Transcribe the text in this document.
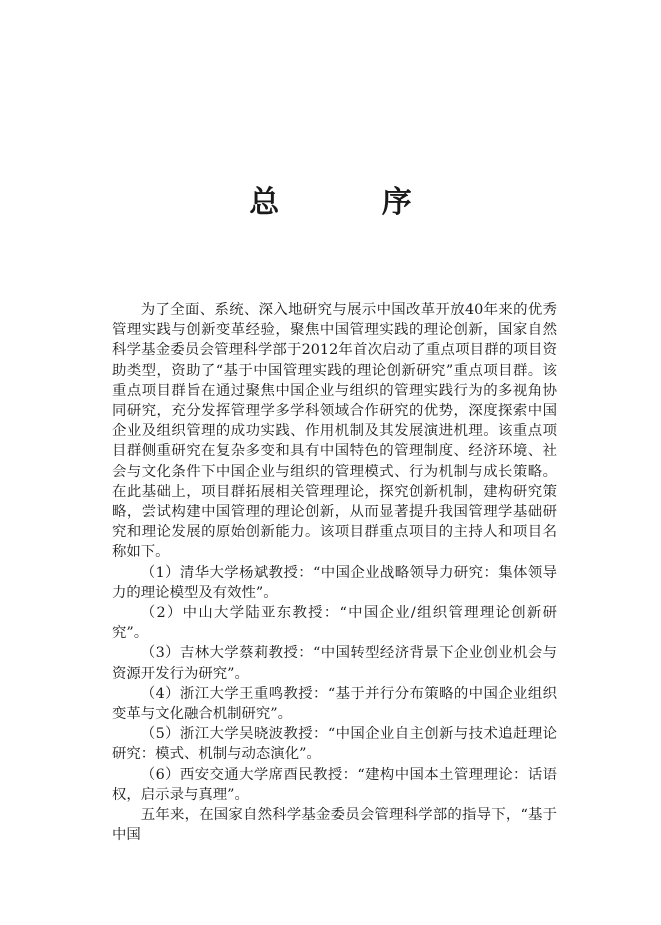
总 序

为了全面、系统、深入地研究与展示中国改革开放40年来的优秀管理实践与创新变革经验，聚焦中国管理实践的理论创新，国家自然科学基金委员会管理科学部于2012年首次启动了重点项目群的项目资助类型，资助了“基于中国管理实践的理论创新研究”重点项目群。该重点项目群旨在通过聚焦中国企业与组织的管理实践行为的多视角协同研究，充分发挥管理学多学科领域合作研究的优势，深度探索中国企业及组织管理的成功实践、作用机制及其发展演进机理。该重点项目群侧重研究在复杂多变和具有中国特色的管理制度、经济环境、社会与文化条件下中国企业与组织的管理模式、行为机制与成长策略。在此基础上，项目群拓展相关管理理论，探究创新机制，建构研究策略，尝试构建中国管理的理论创新，从而显著提升我国管理学基础研究和理论发展的原始创新能力。该项目群重点项目的主持人和项目名称如下。

（1）清华大学杨斌教授：“中国企业战略领导力研究：集体领导力的理论模型及有效性”。

（2）中山大学陆亚东教授：“中国企业/组织管理理论创新研究”。

（3）吉林大学蔡莉教授：“中国转型经济背景下企业创业机会与资源开发行为研究”。

（4）浙江大学王重鸣教授：“基于并行分布策略的中国企业组织变革与文化融合机制研究”。

（5）浙江大学吴晓波教授：“中国企业自主创新与技术追赶理论研究：模式、机制与动态演化”。

（6）西安交通大学席酉民教授：“建构中国本土管理理论：话语权，启示录与真理”。

五年来，在国家自然科学基金委员会管理科学部的指导下，“基于中国
